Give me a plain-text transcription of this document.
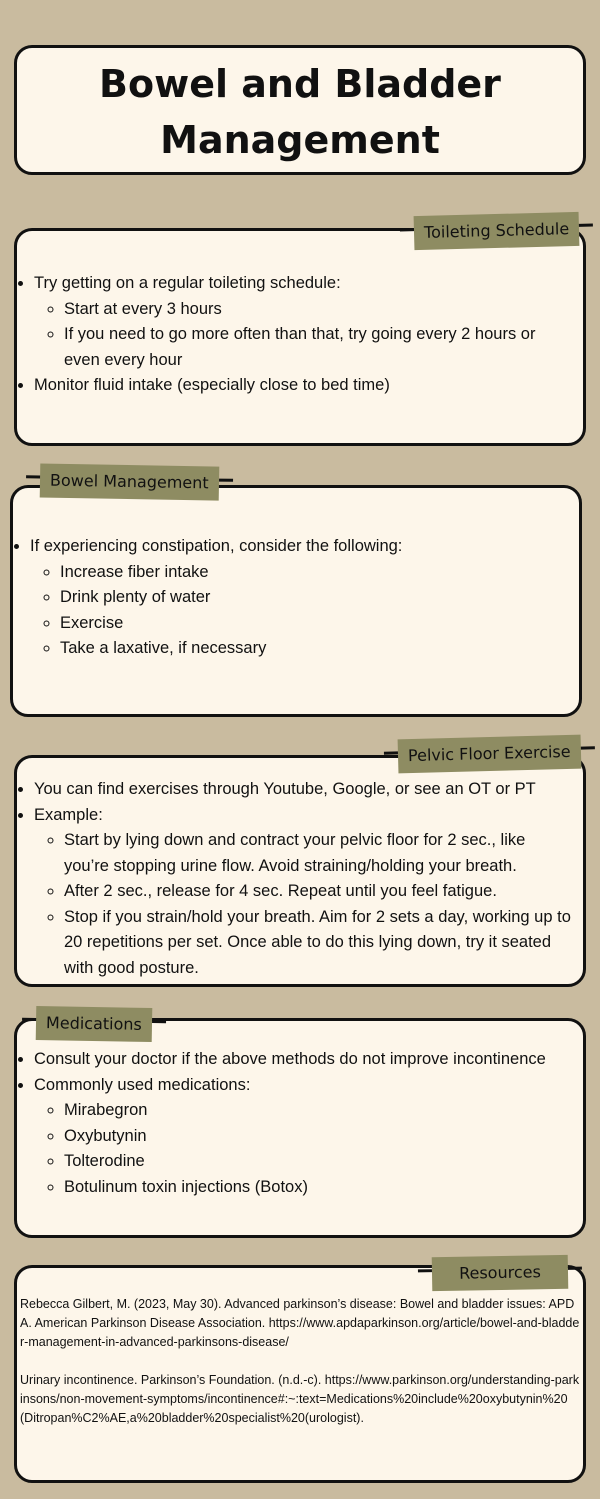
Bowel and Bladder Management
Toileting Schedule
• Try getting on a regular toileting schedule:
◦ Start at every 3 hours
◦ If you need to go more often than that, try going every 2 hours or even every hour
• Monitor fluid intake (especially close to bed time)
Bowel Management
• If experiencing constipation, consider the following:
◦ Increase fiber intake
◦ Drink plenty of water
◦ Exercise
◦ Take a laxative, if necessary
Pelvic Floor Exercise
• You can find exercises through Youtube, Google, or see an OT or PT
• Example:
◦ Start by lying down and contract your pelvic floor for 2 sec., like you’re stopping urine flow. Avoid straining/holding your breath.
◦ After 2 sec., release for 4 sec. Repeat until you feel fatigue.
◦ Stop if you strain/hold your breath. Aim for 2 sets a day, working up to 20 repetitions per set. Once able to do this lying down, try it seated with good posture.
Medications
• Consult your doctor if the above methods do not improve incontinence
• Commonly used medications:
◦ Mirabegron
◦ Oxybutynin
◦ Tolterodine
◦ Botulinum toxin injections (Botox)
Resources

Rebecca Gilbert, M. (2023, May 30). Advanced parkinson’s disease: Bowel and bladder issues: APDA. American Parkinson Disease Association. https://www.apdaparkinson.org/article/bowel-and-bladder-management-in-advanced-parkinsons-disease/

Urinary incontinence. Parkinson’s Foundation. (n.d.-c). https://www.parkinson.org/understanding-parkinsons/non-movement-symptoms/incontinence#:~:text=Medications%20include%20oxybutynin%20(Ditropan%C2%AE,a%20bladder%20specialist%20(urologist).
